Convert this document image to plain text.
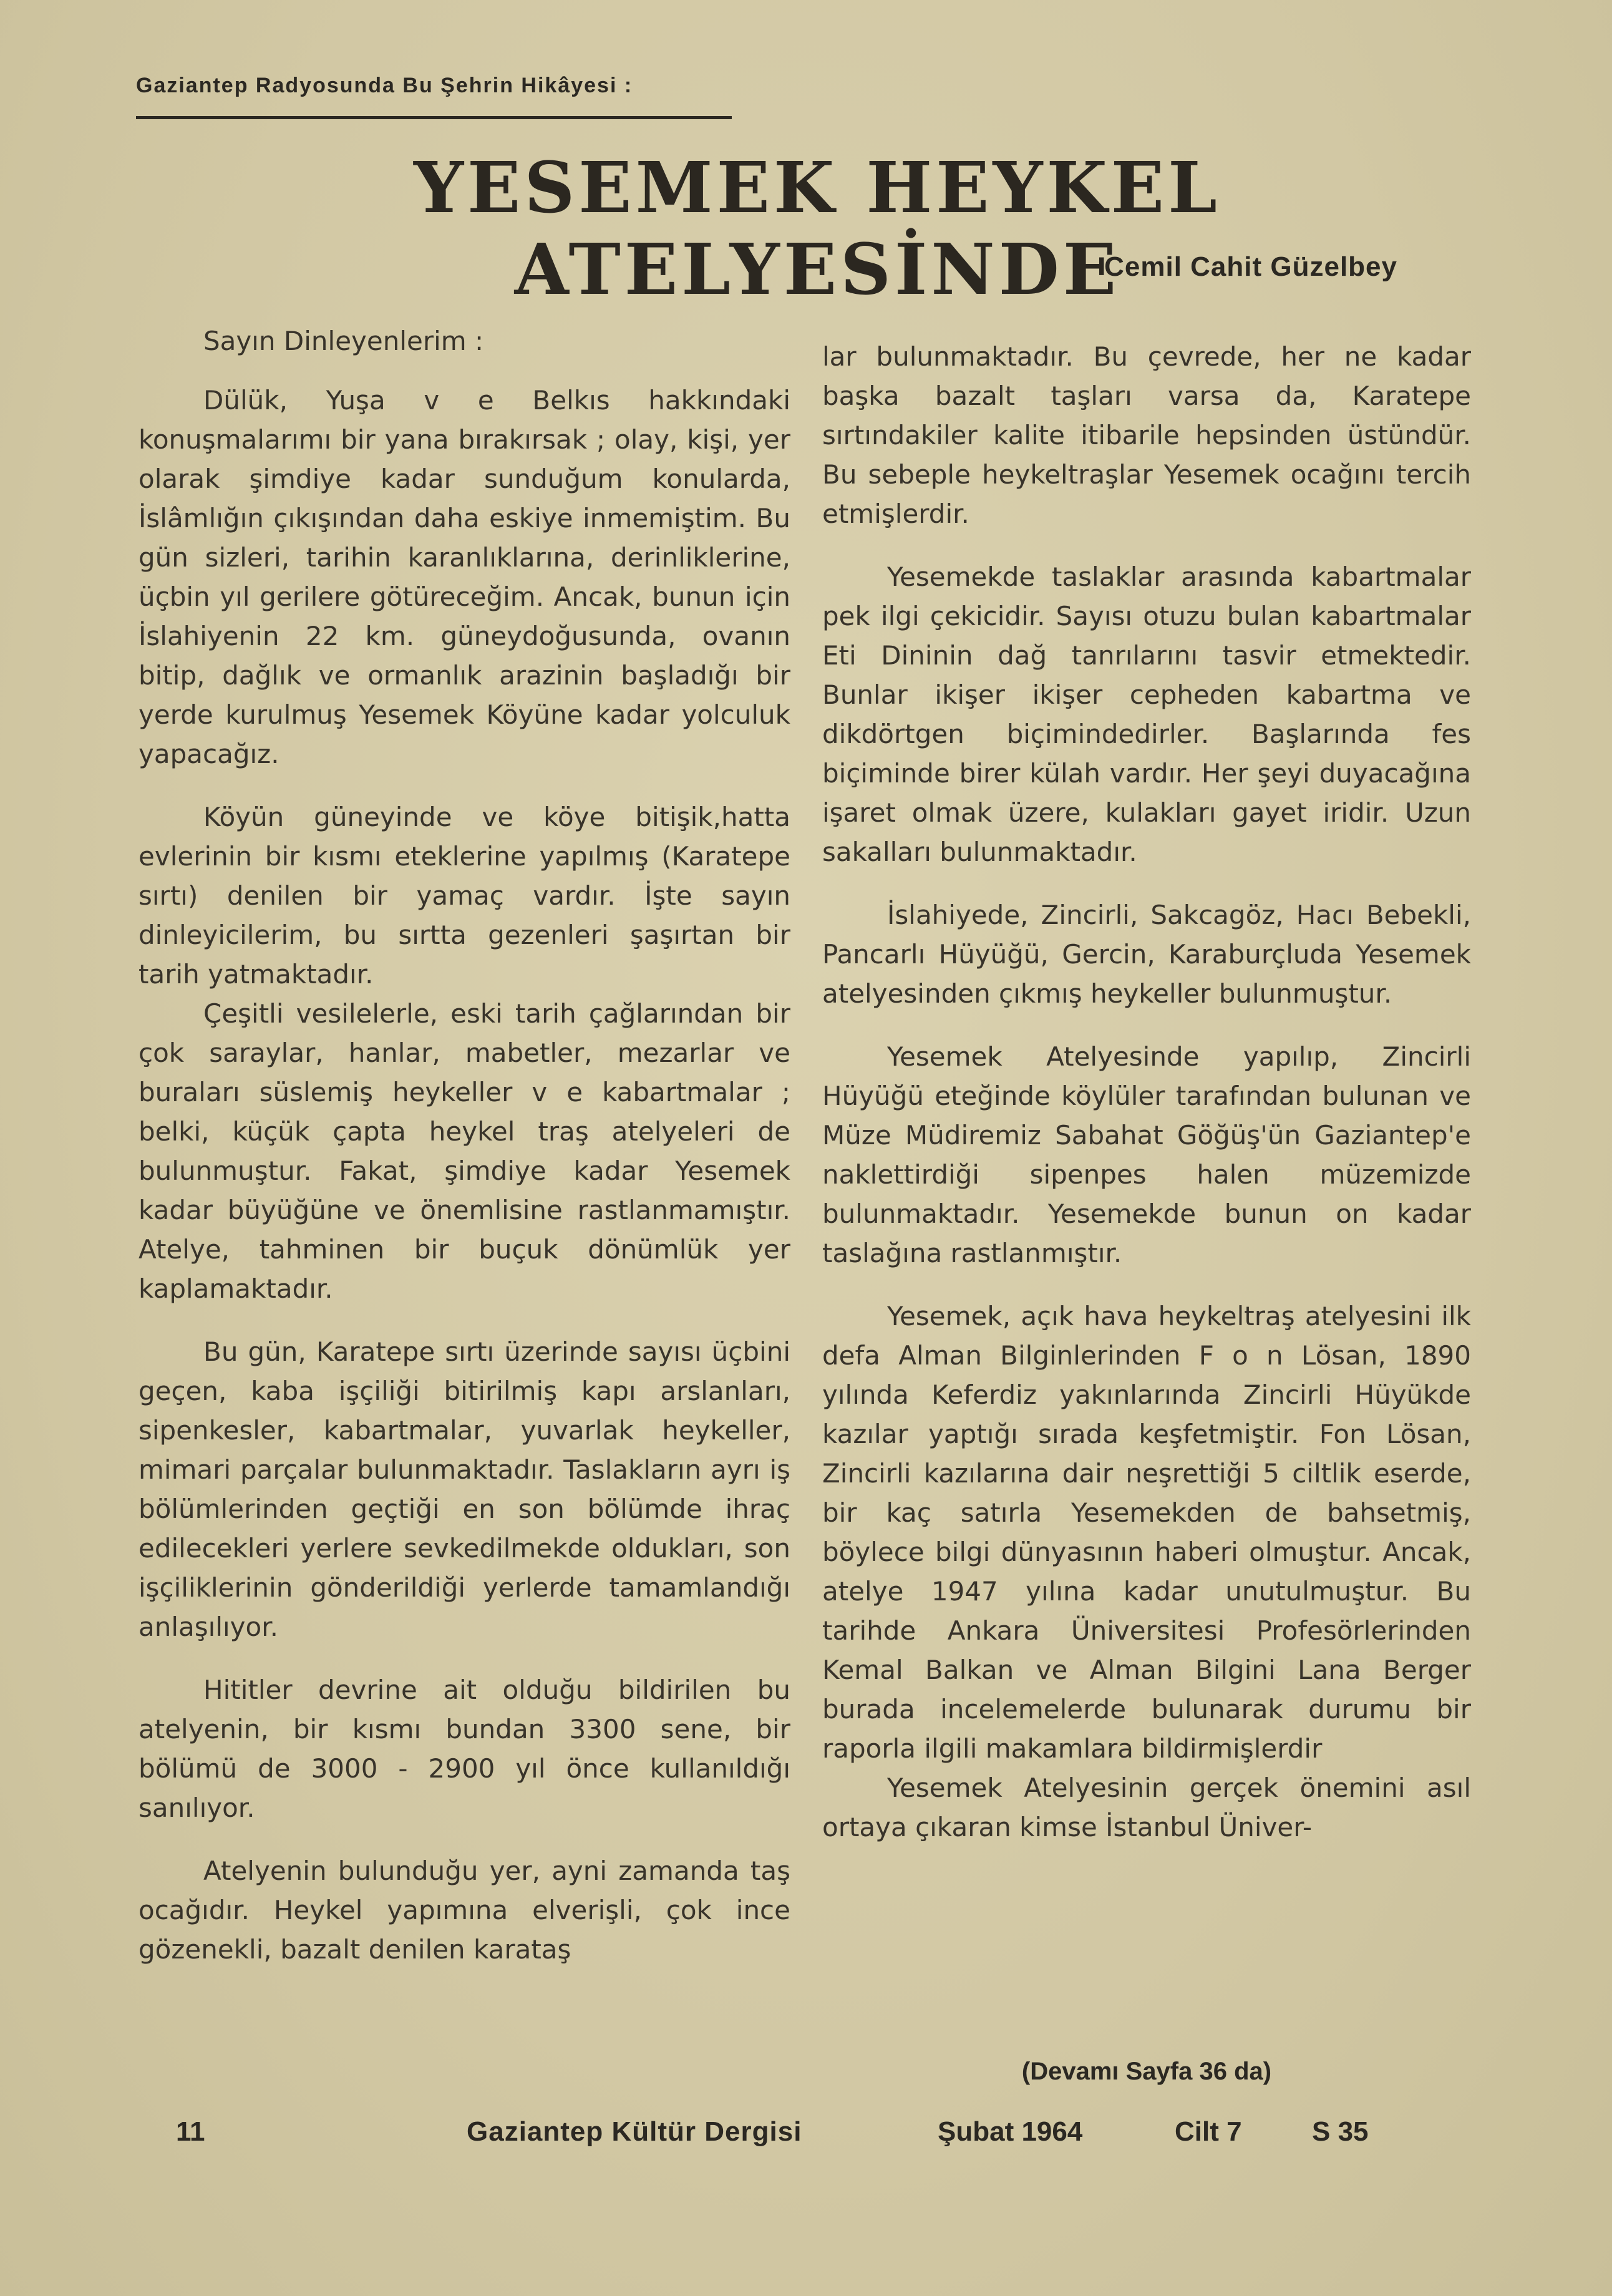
Gaziantep Radyosunda Bu Şehrin Hikâyesi :
YESEMEK HEYKEL ATELYESİNDE
Cemil Cahit Güzelbey

Sayın Dinleyenlerim :

Dülük, Yuşa v e Belkıs hakkındaki konuşmalarımı bir yana bırakırsak ; olay, kişi, yer olarak şimdiye kadar sunduğum konularda, İslâmlığın çıkışından daha eskiye inmemiştim. Bu gün sizleri, tarihin karanlıklarına, derinliklerine, üçbin yıl gerilere götüreceğim. Ancak, bunun için İslahiyenin 22 km. güneydoğusunda, ovanın bitip, dağlık ve ormanlık arazinin başladığı bir yerde kurulmuş Yesemek Köyüne kadar yolculuk yapacağız.

Köyün güneyinde ve köye bitişik,hatta evlerinin bir kısmı eteklerine yapılmış (Karatepe sırtı) denilen bir yamaç vardır. İşte sayın dinleyicilerim, bu sırtta gezenleri şaşırtan bir tarih yatmaktadır.

Çeşitli vesilelerle, eski tarih çağlarından bir çok saraylar, hanlar, mabetler, mezarlar ve buraları süslemiş heykeller v e kabartmalar ; belki, küçük çapta heykel traş atelyeleri de bulunmuştur. Fakat, şimdiye kadar Yesemek kadar büyüğüne ve önemlisine rastlanmamıştır. Atelye, tahminen bir buçuk dönümlük yer kaplamaktadır.

Bu gün, Karatepe sırtı üzerinde sayısı üçbini geçen, kaba işçiliği bitirilmiş kapı arslanları, sipenkesler, kabartmalar, yuvarlak heykeller, mimari parçalar bulunmaktadır. Taslakların ayrı iş bölümlerinden geçtiği en son bölümde ihraç edilecekleri yerlere sevkedilmekde oldukları, son işçiliklerinin gönderildiği yerlerde tamamlandığı anlaşılıyor.

Hititler devrine ait olduğu bildirilen bu atelyenin, bir kısmı bundan 3300 sene, bir bölümü de 3000 - 2900 yıl önce kullanıldığı sanılıyor.

Atelyenin bulunduğu yer, ayni zamanda taş ocağıdır. Heykel yapımına elverişli, çok ince gözenekli, bazalt denilen karataş

lar bulunmaktadır. Bu çevrede, her ne kadar başka bazalt taşları varsa da, Karatepe sırtındakiler kalite itibarile hepsinden üstündür. Bu sebeple heykeltraşlar Yesemek ocağını tercih etmişlerdir.

Yesemekde taslaklar arasında kabartmalar pek ilgi çekicidir. Sayısı otuzu bulan kabartmalar Eti Dininin dağ tanrılarını tasvir etmektedir. Bunlar ikişer ikişer cepheden kabartma ve dikdörtgen biçimindedirler. Başlarında fes biçiminde birer külah vardır. Her şeyi duyacağına işaret olmak üzere, kulakları gayet iridir. Uzun sakalları bulunmaktadır.

İslahiyede, Zincirli, Sakcagöz, Hacı Bebekli, Pancarlı Hüyüğü, Gercin, Karaburçluda Yesemek atelyesinden çıkmış heykeller bulunmuştur.

Yesemek Atelyesinde yapılıp, Zincirli Hüyüğü eteğinde köylüler tarafından bulunan ve Müze Müdiremiz Sabahat Göğüş'ün Gaziantep'e naklettirdiği sipenpes halen müzemizde bulunmaktadır. Yesemekde bunun on kadar taslağına rastlanmıştır.

Yesemek, açık hava heykeltraş atelyesini ilk defa Alman Bilginlerinden F o n Lösan, 1890 yılında Keferdiz yakınlarında Zincirli Hüyükde kazılar yaptığı sırada keşfetmiştir. Fon Lösan, Zincirli kazılarına dair neşrettiği 5 ciltlik eserde, bir kaç satırla Yesemekden de bahsetmiş, böylece bilgi dünyasının haberi olmuştur. Ancak, atelye 1947 yılına kadar unutulmuştur. Bu tarihde Ankara Üniversitesi Profesörlerinden Kemal Balkan ve Alman Bilgini Lana Berger burada incelemelerde bulunarak durumu bir raporla ilgili makamlara bildirmişlerdir

Yesemek Atelyesinin gerçek önemini asıl ortaya çıkaran kimse İstanbul Üniver-

(Devamı Sayfa 36 da)
11	Gaziantep Kültür Dergisi	Şubat 1964	Cilt 7	S 35
